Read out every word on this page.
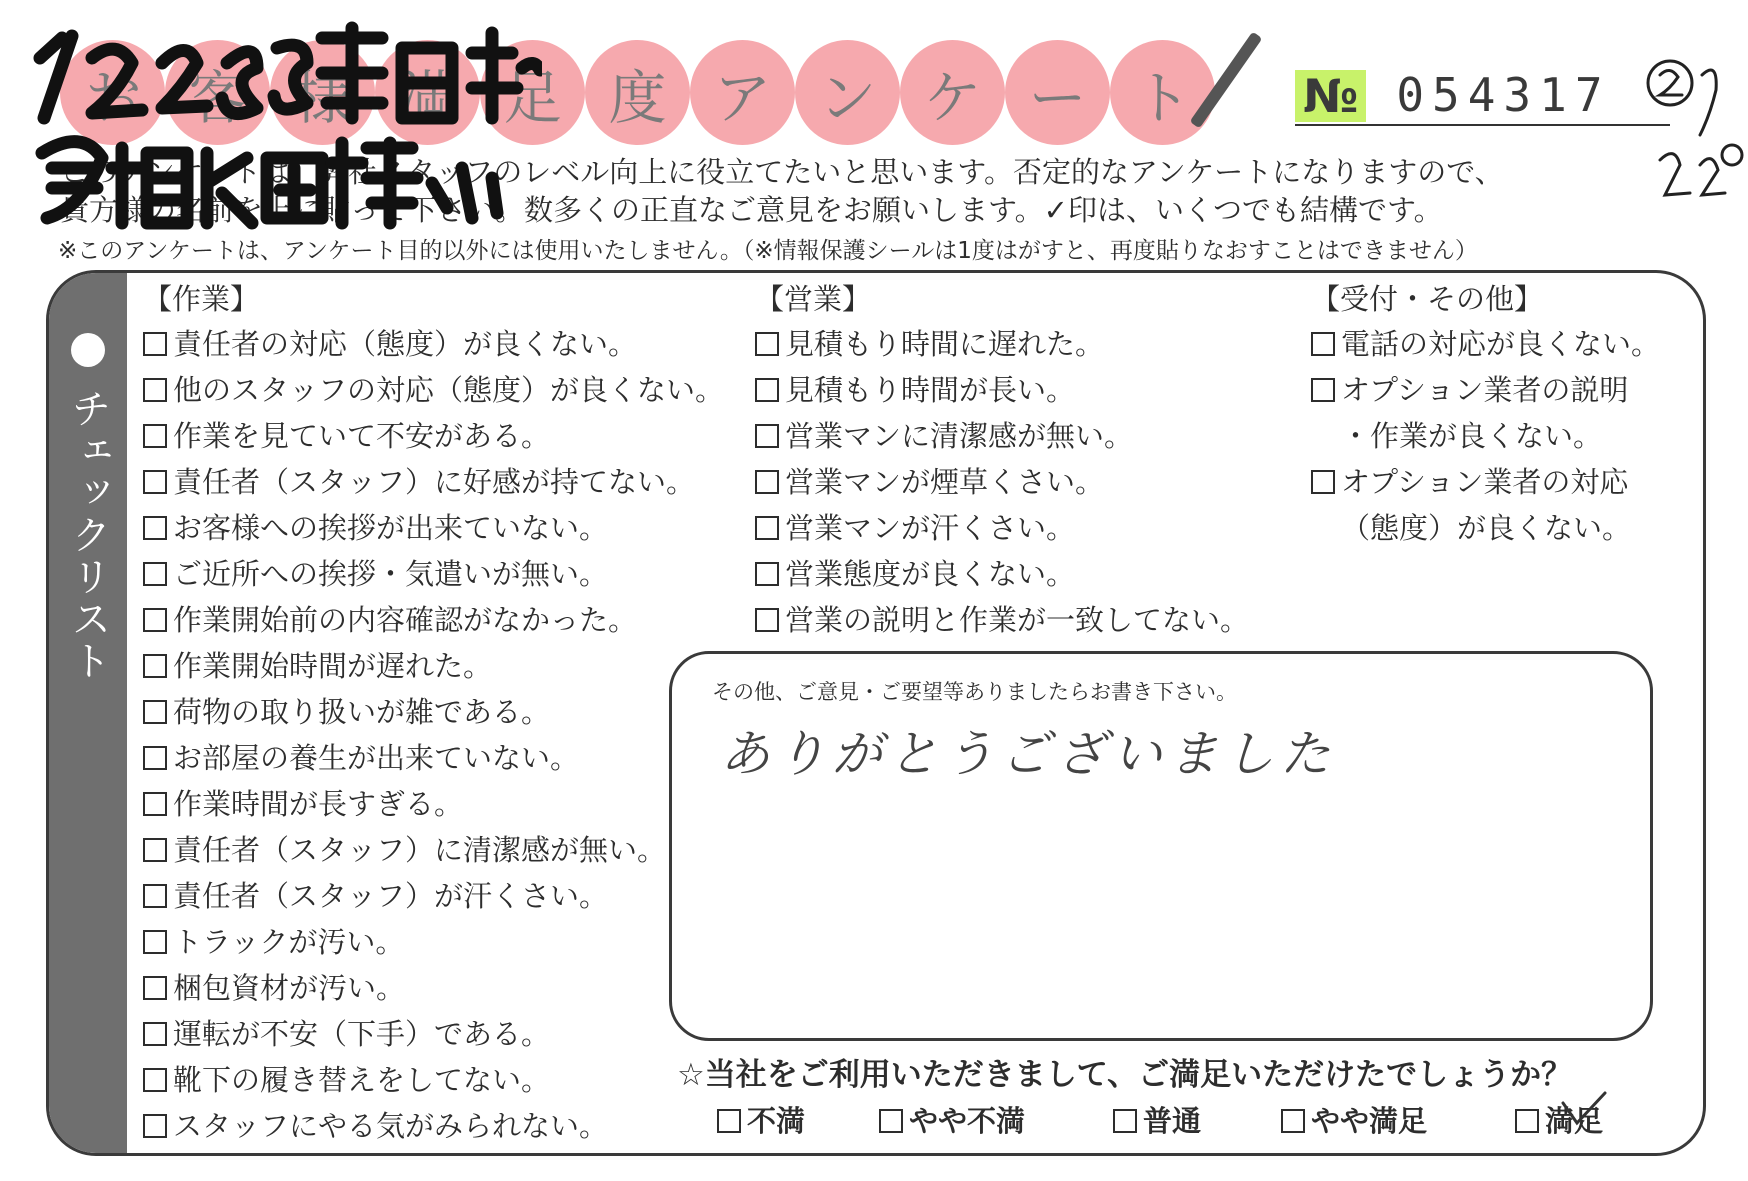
お 客 様 満 足 度 ア ン ケ ー ト	№ 054317
このアンケートは、弊社スタッフのレベル向上に役立てたいと思います。否定的なアンケートになりますので、
貴方様の名前を上に貼って下さい。数多くの正直なご意見をお願いします。✓印は、いくつでも結構です。
※このアンケートは、アンケート目的以外には使用いたしません。（※情報保護シールは1度はがすと、再度貼りなおすことはできません）
チェックリスト
【作業】
責任者の対応（態度）が良くない。
他のスタッフの対応（態度）が良くない。
作業を見ていて不安がある。
責任者（スタッフ）に好感が持てない。
お客様への挨拶が出来ていない。
ご近所への挨拶・気遣いが無い。
作業開始前の内容確認がなかった。
作業開始時間が遅れた。
荷物の取り扱いが雑である。
お部屋の養生が出来ていない。
作業時間が長すぎる。
責任者（スタッフ）に清潔感が無い。
責任者（スタッフ）が汗くさい。
トラックが汚い。
梱包資材が汚い。
運転が不安（下手）である。
靴下の履き替えをしてない。
スタッフにやる気がみられない。
【営業】
見積もり時間に遅れた。
見積もり時間が長い。
営業マンに清潔感が無い。
営業マンが煙草くさい。
営業マンが汗くさい。
営業態度が良くない。
営業の説明と作業が一致してない。
【受付・その他】
電話の対応が良くない。
オプション業者の説明
・作業が良くない。
オプション業者の対応
（態度）が良くない。
その他、ご意見・ご要望等ありましたらお書き下さい。
ありがとうございました
☆当社をご利用いただきまして、ご満足いただけたでしょうか？
不満	やや不満	普通	やや満足	満足
